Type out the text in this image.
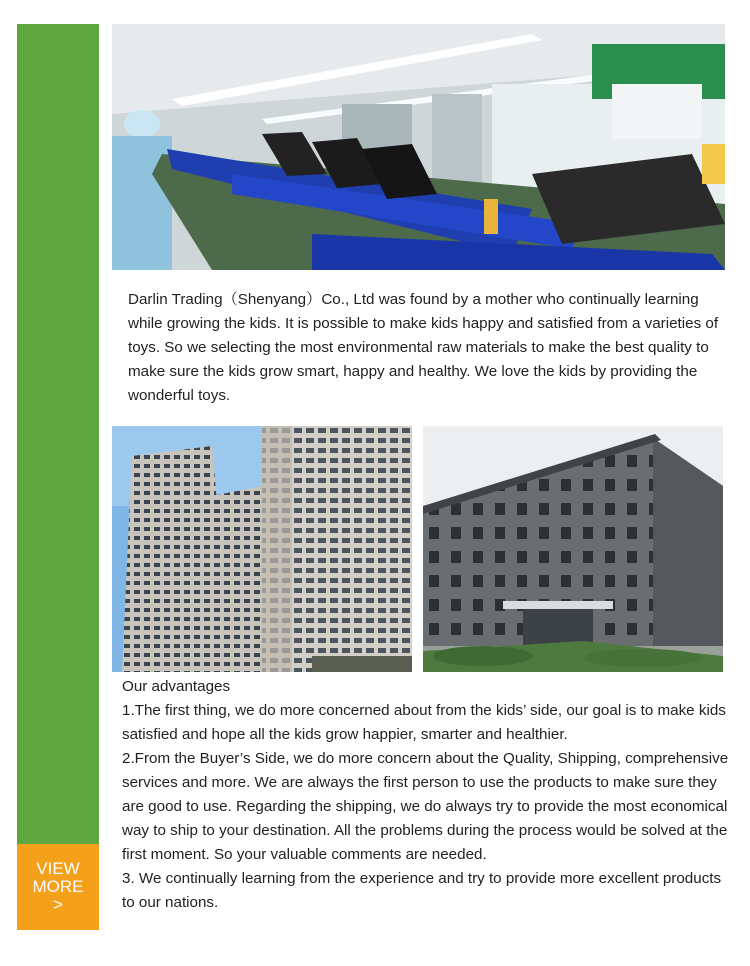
VIEW
MORE
>
Darlin Trading（Shenyang）Co., Ltd was found by a mother who continually learning while growing the kids. It is possible to make kids happy and satisfied from a varieties of toys. So we selecting the most environmental raw materials to make the best quality to make sure the kids grow smart, happy and healthy. We love the kids by providing the wonderful toys.

Our advantages

1.The first thing, we do more concerned about from the kids’ side, our goal is to make kids satisfied and hope all the kids grow happier, smarter and healthier.

2.From the Buyer’s Side, we do more concern about the Quality, Shipping, comprehensive services and more. We are always the first person to use the products to make sure they are good to use. Regarding the shipping, we do always try to provide the most economical way to ship to your destination. All the problems during the process would be solved at the first moment. So your valuable comments are needed.

3. We continually learning from the experience and try to provide more excellent products to our nations.
